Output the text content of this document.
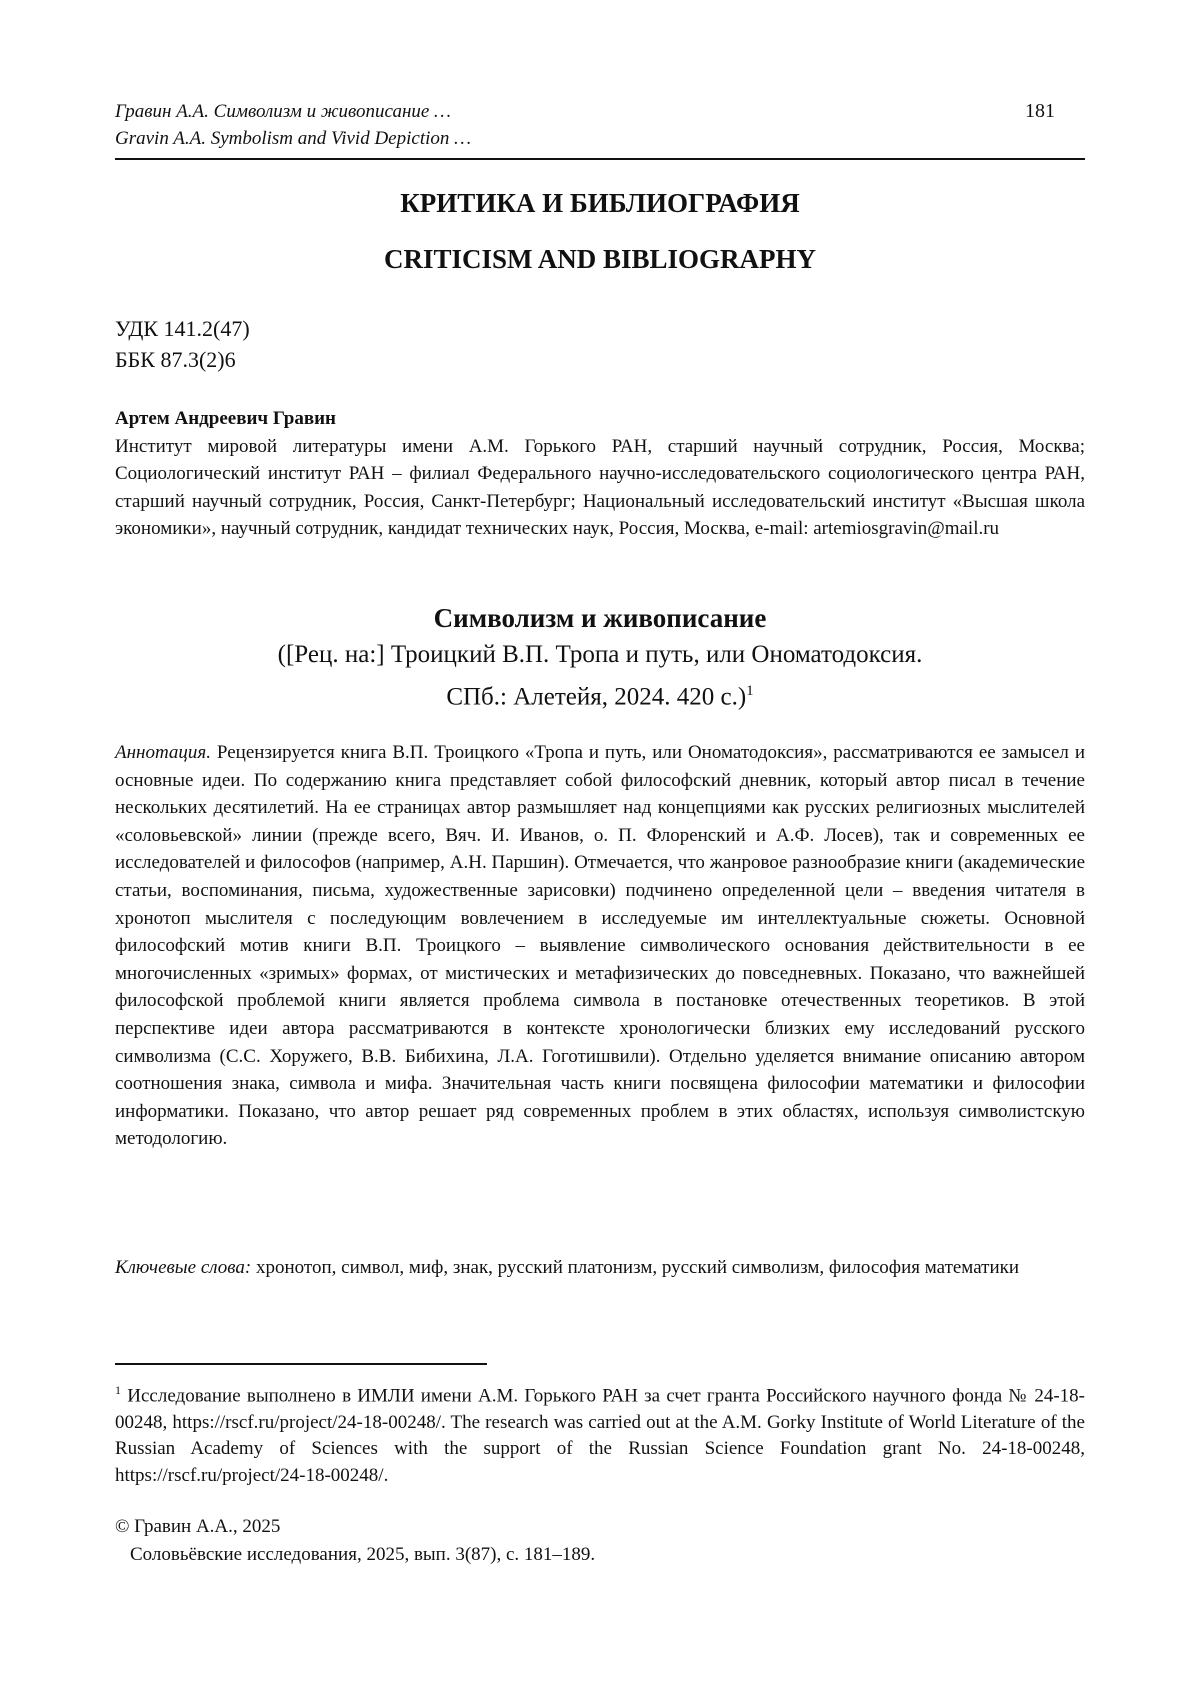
Гравин А.А. Символизм и живописание …
Gravin A.A. Symbolism and Vivid Depiction …
181
КРИТИКА И БИБЛИОГРАФИЯ
CRITICISM AND BIBLIOGRAPHY
УДК 141.2(47)
ББК 87.3(2)6
Артем Андреевич Гравин
Институт мировой литературы имени А.М. Горького РАН, старший научный сотрудник, Россия, Москва; Социологический институт РАН – филиал Федерального научно-исследовательского социологического центра РАН, старший научный сотрудник, Россия, Санкт-Петербург; Национальный исследовательский институт «Высшая школа экономики», научный сотрудник, кандидат технических наук, Россия, Москва, e-mail: artemiosgravin@mail.ru
Символизм и живописание
([Рец. на:] Троицкий В.П. Тропа и путь, или Ономатодоксия.
СПб.: Алетейя, 2024. 420 с.)$^1$
Аннотация. Рецензируется книга В.П. Троицкого «Тропа и путь, или Ономатодоксия», рассматриваются ее замысел и основные идеи. По содержанию книга представляет собой философский дневник, который автор писал в течение нескольких десятилетий. На ее страницах автор размышляет над концепциями как русских религиозных мыслителей «соловьевской» линии (прежде всего, Вяч. И. Иванов, о. П. Флоренский и А.Ф. Лосев), так и современных ее исследователей и философов (например, А.Н. Паршин). Отмечается, что жанровое разнообразие книги (академические статьи, воспоминания, письма, художественные зарисовки) подчинено определенной цели – введения читателя в хронотоп мыслителя с последующим вовлечением в исследуемые им интеллектуальные сюжеты. Основной философский мотив книги В.П. Троицкого – выявление символического основания действительности в ее многочисленных «зримых» формах, от мистических и метафизических до повседневных. Показано, что важнейшей философской проблемой книги является проблема символа в постановке отечественных теоретиков. В этой перспективе идеи автора рассматриваются в контексте хронологически близких ему исследований русского символизма (С.С. Хоружего, В.В. Бибихина, Л.А. Гоготишвили). Отдельно уделяется внимание описанию автором соотношения знака, символа и мифа. Значительная часть книги посвящена философии математики и философии информатики. Показано, что автор решает ряд современных проблем в этих областях, используя символистскую методологию.
Ключевые слова: хронотоп, символ, миф, знак, русский платонизм, русский символизм, философия математики
$^1$ Исследование выполнено в ИМЛИ имени А.М. Горького РАН за счет гранта Российского научного фонда № 24-18-00248, https://rscf.ru/project/24-18-00248/. The research was carried out at the A.M. Gorky Institute of World Literature of the Russian Academy of Sciences with the support of the Russian Science Foundation grant No. 24-18-00248, https://rscf.ru/project/24-18-00248/.
© Гравин А.А., 2025
Соловьёвские исследования, 2025, вып. 3(87), с. 181–189.
